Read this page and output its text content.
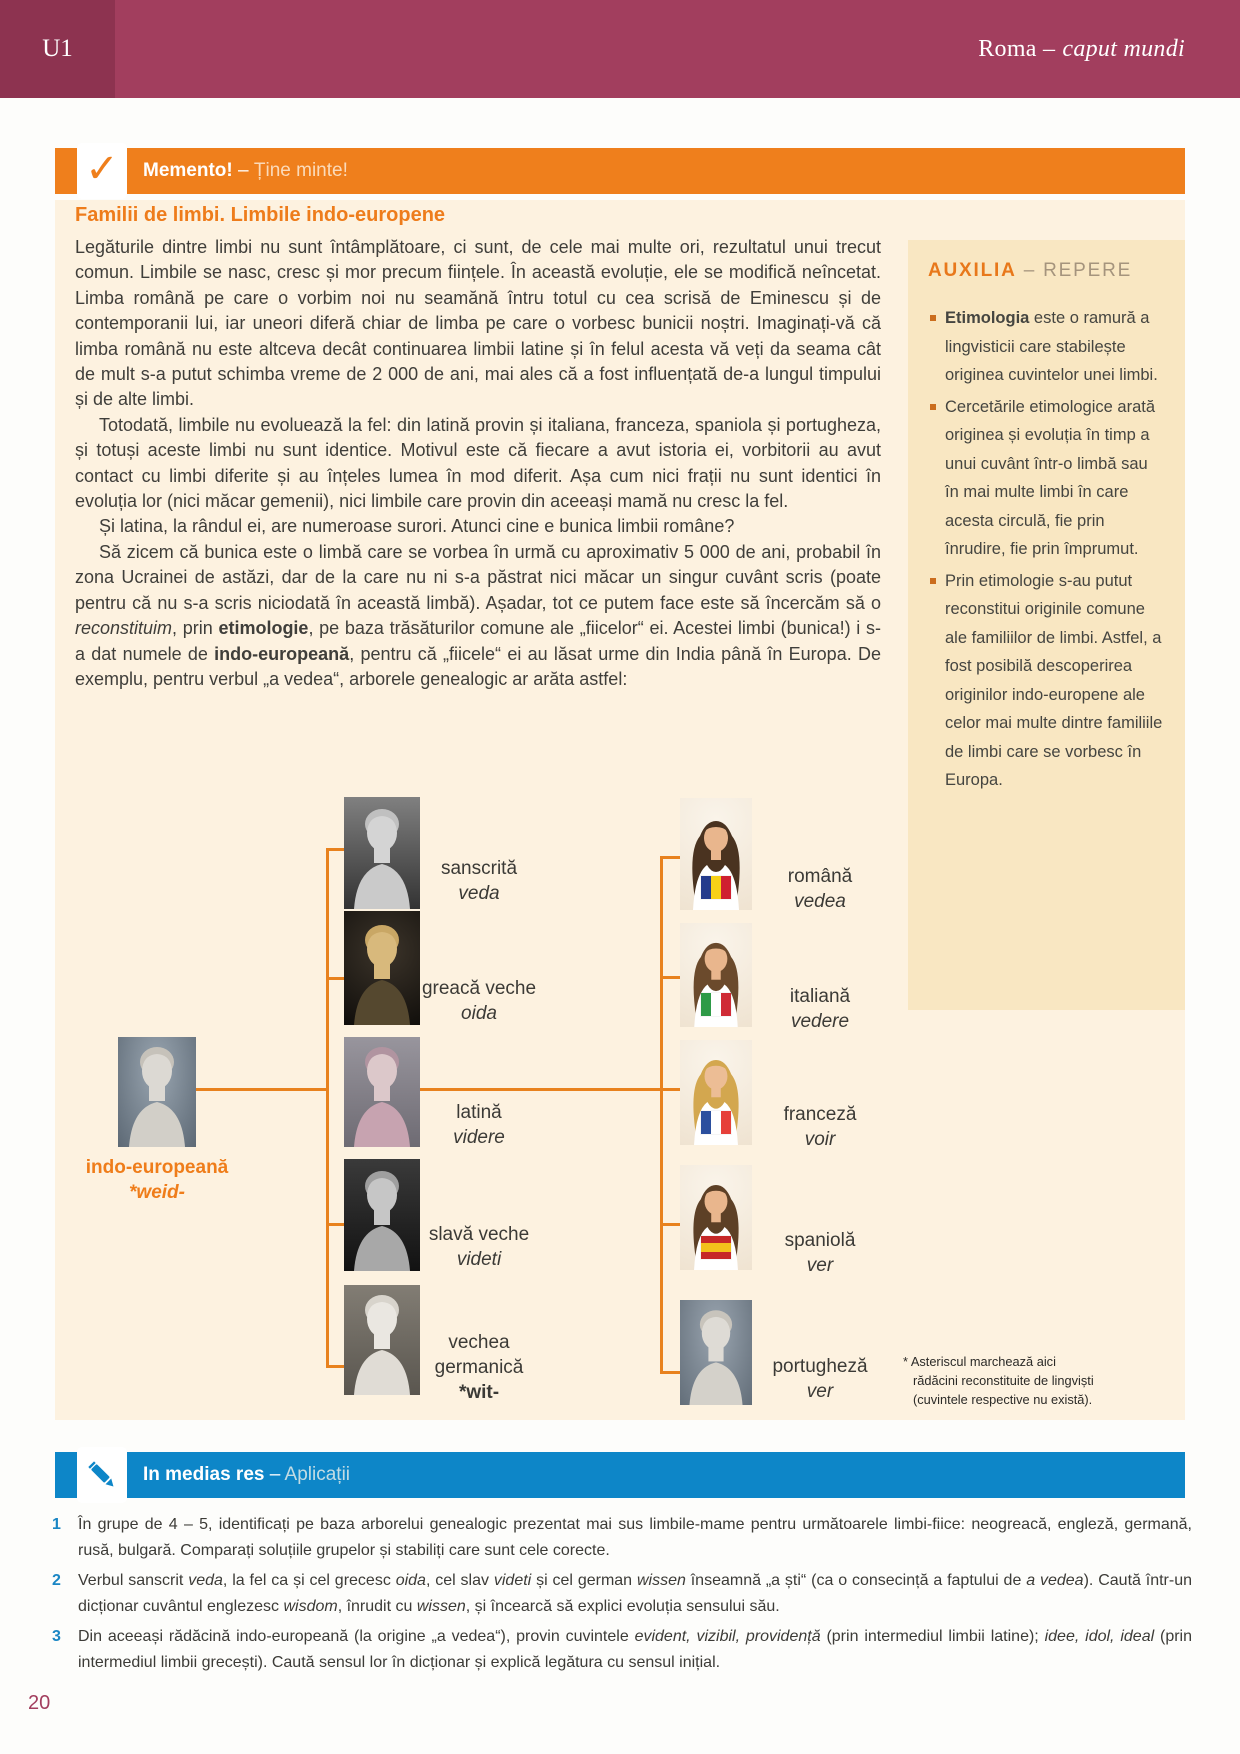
U1	Roma – caput mundi
✓	Memento! – Ține minte!
Familii de limbi. Limbile indo-europene

Legăturile dintre limbi nu sunt întâmplătoare, ci sunt, de cele mai multe ori, rezultatul unui trecut comun. Limbile se nasc, cresc și mor precum ființele. În această evoluție, ele se modifică neîncetat. Limba română pe care o vorbim noi nu seamănă întru totul cu cea scrisă de Eminescu și de contemporanii lui, iar uneori diferă chiar de limba pe care o vorbesc bunicii noștri. Imaginați-vă că limba română nu este altceva decât continuarea limbii latine și în felul acesta vă veți da seama cât de mult s-a putut schimba vreme de 2 000 de ani, mai ales că a fost influențată de-a lungul timpului și de alte limbi.

Totodată, limbile nu evoluează la fel: din latină provin și italiana, franceza, spaniola și portugheza, și totuși aceste limbi nu sunt identice. Motivul este că fiecare a avut istoria ei, vorbitorii au avut contact cu limbi diferite și au înțeles lumea în mod diferit. Așa cum nici frații nu sunt identici în evoluția lor (nici măcar gemenii), nici limbile care provin din aceeași mamă nu cresc la fel.

Și latina, la rândul ei, are numeroase surori. Atunci cine e bunica limbii române?

Să zicem că bunica este o limbă care se vorbea în urmă cu aproximativ 5 000 de ani, probabil în zona Ucrainei de astăzi, dar de la care nu ni s-a păstrat nici măcar un singur cuvânt scris (poate pentru că nu s-a scris niciodată în această limbă). Așadar, tot ce putem face este să încercăm să o reconstituim, prin etimologie, pe baza trăsăturilor comune ale „fiicelor“ ei. Acestei limbi (bunica!) i s-a dat numele de indo-europeană, pentru că „fiicele“ ei au lăsat urme din India până în Europa. De exemplu, pentru verbul „a vedea“, arborele genealogic ar arăta astfel:

AUXILIA – REPERE
Etimologia este o ramură a lingvisticii care stabilește originea cuvintelor unei limbi.
Cercetările etimologice arată originea și evoluția în timp a unui cuvânt într-o limbă sau în mai multe limbi în care acesta circulă, fie prin înrudire, fie prin împrumut.
Prin etimologie s-au putut reconstitui originile comune ale familiilor de limbi. Astfel, a fost posibilă descoperirea originilor indo-europene ale celor mai multe dintre familiile de limbi care se vorbesc în Europa.
indo-europeană
*weid-
sanscrită
veda
greacă veche
oida
latină
videre
slavă veche
videti
vechea germanică
*wit-
română
vedea
italiană
vedere
franceză
voir
spaniolă
ver
portugheză
ver
* Asteriscul marchează aici
rădăcini reconstituite de lingviști
(cuvintele respective nu există).
In medias res – Aplicații
1	În grupe de 4 – 5, identificați pe baza arborelui genealogic prezentat mai sus limbile-mame pentru următoarele limbi-fiice: neogreacă, engleză, germană, rusă, bulgară. Comparați soluțiile grupelor și stabiliți care sunt cele corecte.
2	Verbul sanscrit veda, la fel ca și cel grecesc oida, cel slav videti și cel german wissen înseamnă „a ști“ (ca o consecință a faptului de a vedea). Caută într-un dicționar cuvântul englezesc wisdom, înrudit cu wissen, și încearcă să explici evoluția sensului său.
3	Din aceeași rădăcină indo-europeană (la origine „a vedea“), provin cuvintele evident, vizibil, providență (prin intermediul limbii latine); idee, idol, ideal (prin intermediul limbii grecești). Caută sensul lor în dicționar și explică legătura cu sensul inițial.
20
